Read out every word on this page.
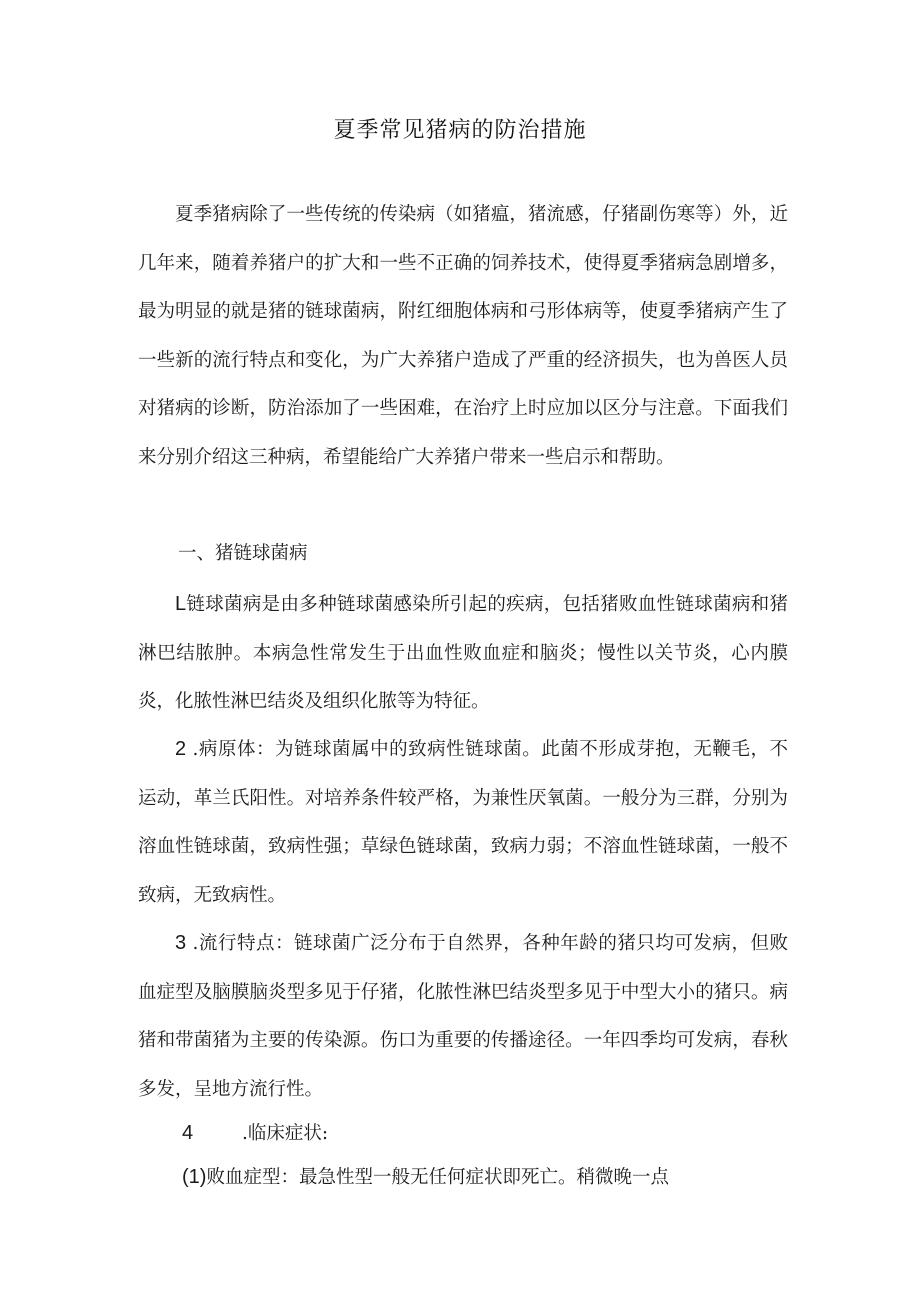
夏季常见猪病的防治措施

夏季猪病除了一些传统的传染病（如猪瘟，猪流感，仔猪副伤寒等）外，近几年来，随着养猪户的扩大和一些不正确的饲养技术，使得夏季猪病急剧增多，最为明显的就是猪的链球菌病，附红细胞体病和弓形体病等，使夏季猪病产生了一些新的流行特点和变化，为广大养猪户造成了严重的经济损失，也为兽医人员对猪病的诊断，防治添加了一些困难，在治疗上时应加以区分与注意。下面我们来分别介绍这三种病，希望能给广大养猪户带来一些启示和帮助。

一、猪链球菌病

L链球菌病是由多种链球菌感染所引起的疾病，包括猪败血性链球菌病和猪淋巴结脓肿。本病急性常发生于出血性败血症和脑炎；慢性以关节炎，心内膜炎，化脓性淋巴结炎及组织化脓等为特征。

2 .病原体：为链球菌属中的致病性链球菌。此菌不形成芽抱，无鞭毛，不运动，革兰氏阳性。对培养条件较严格，为兼性厌氧菌。一般分为三群，分别为溶血性链球菌，致病性强；草绿色链球菌，致病力弱；不溶血性链球菌，一般不致病，无致病性。

3 .流行特点：链球菌广泛分布于自然界，各种年龄的猪只均可发病，但败血症型及脑膜脑炎型多见于仔猪，化脓性淋巴结炎型多见于中型大小的猪只。病猪和带菌猪为主要的传染源。伤口为重要的传播途径。一年四季均可发病，春秋多发，呈地方流行性。

4	.临床症状:

(1)败血症型：最急性型一般无任何症状即死亡。稍微晚一点
